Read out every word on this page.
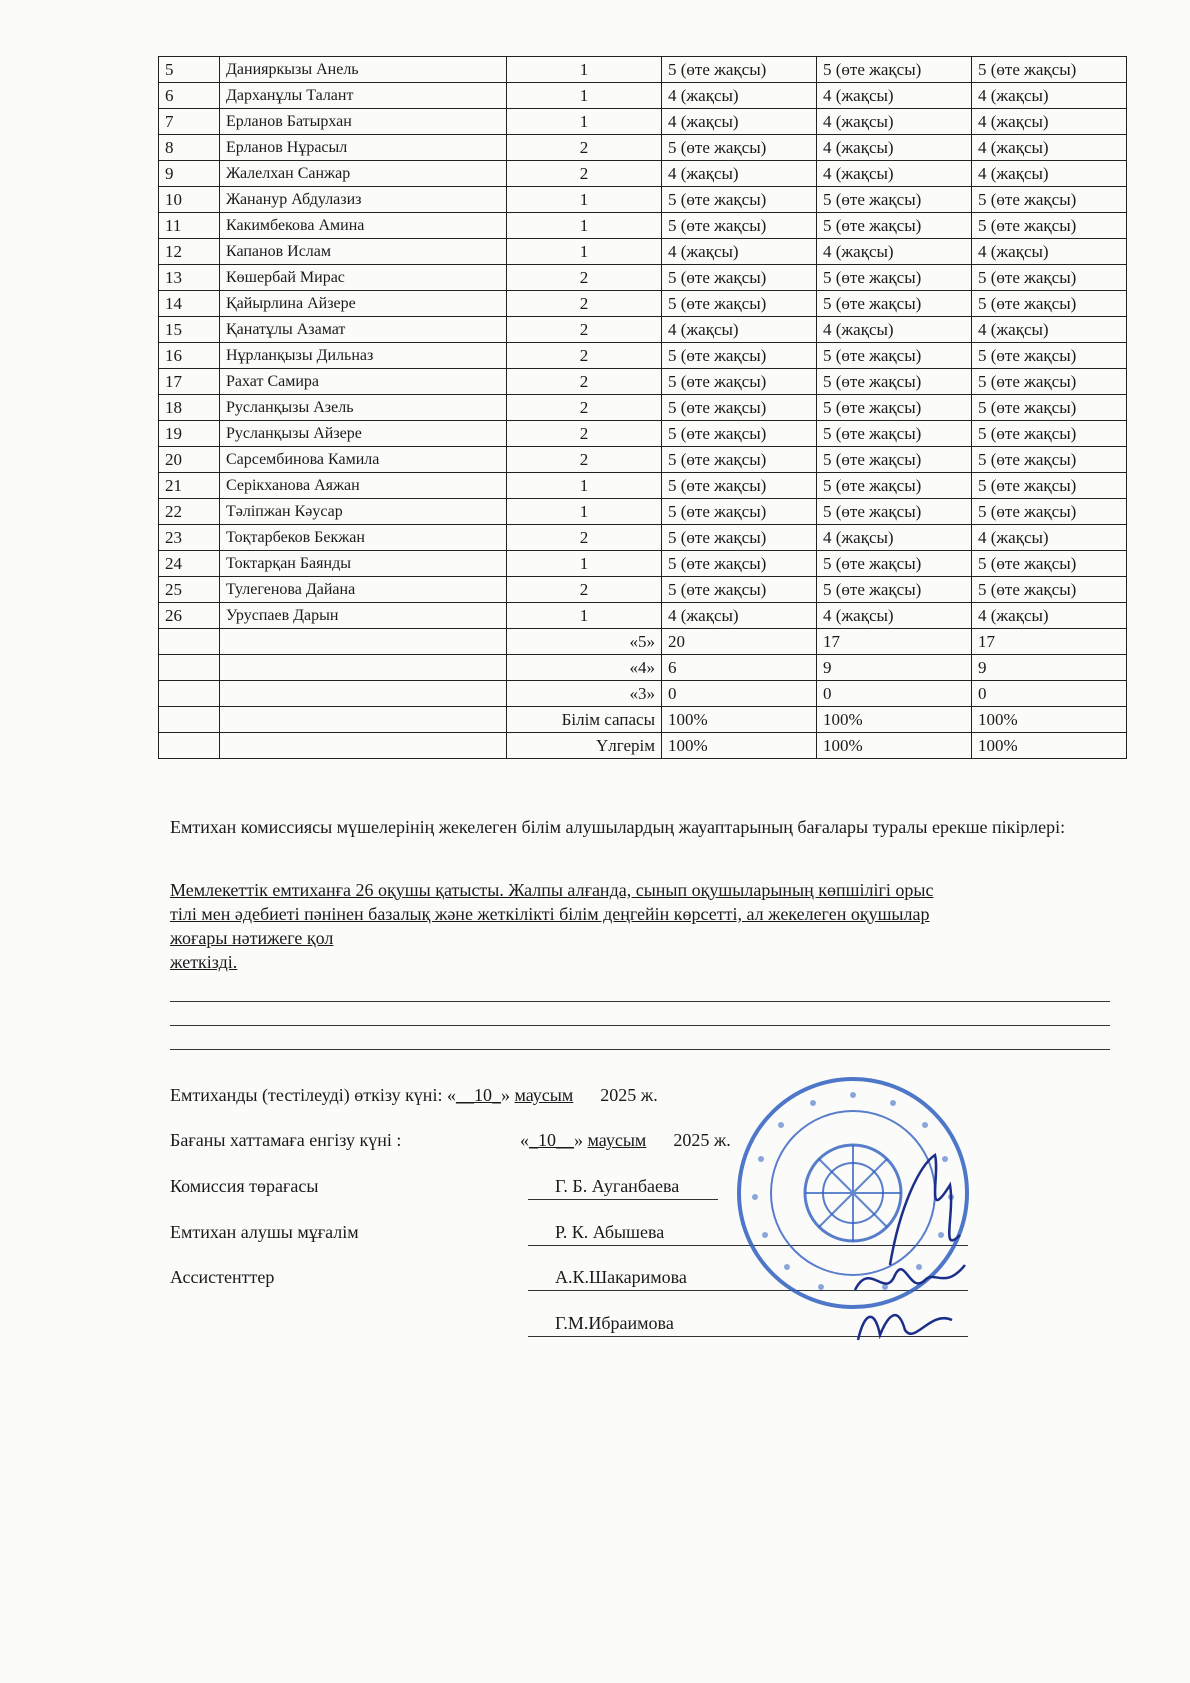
5	Данияркызы Анель	1	5 (өте жақсы)	5 (өте жақсы)	5 (өте жақсы)
6	Дарханұлы Талант	1	4 (жақсы)	4 (жақсы)	4 (жақсы)
7	Ерланов Батырхан	1	4 (жақсы)	4 (жақсы)	4 (жақсы)
8	Ерланов Нұрасыл	2	5 (өте жақсы)	4 (жақсы)	4 (жақсы)
9	Жалелхан Санжар	2	4 (жақсы)	4 (жақсы)	4 (жақсы)
10	Жанануp Абдулазиз	1	5 (өте жақсы)	5 (өте жақсы)	5 (өте жақсы)
11	Какимбекова Амина	1	5 (өте жақсы)	5 (өте жақсы)	5 (өте жақсы)
12	Капанов Ислам	1	4 (жақсы)	4 (жақсы)	4 (жақсы)
13	Көшербай Мирас	2	5 (өте жақсы)	5 (өте жақсы)	5 (өте жақсы)
14	Қайырлина Айзере	2	5 (өте жақсы)	5 (өте жақсы)	5 (өте жақсы)
15	Қанатұлы Азамат	2	4 (жақсы)	4 (жақсы)	4 (жақсы)
16	Нұрланқызы Дильназ	2	5 (өте жақсы)	5 (өте жақсы)	5 (өте жақсы)
17	Рахат Самира	2	5 (өте жақсы)	5 (өте жақсы)	5 (өте жақсы)
18	Русланқызы Азель	2	5 (өте жақсы)	5 (өте жақсы)	5 (өте жақсы)
19	Русланқызы Айзере	2	5 (өте жақсы)	5 (өте жақсы)	5 (өте жақсы)
20	Сарсембинова Камила	2	5 (өте жақсы)	5 (өте жақсы)	5 (өте жақсы)
21	Серікханова Аяжан	1	5 (өте жақсы)	5 (өте жақсы)	5 (өте жақсы)
22	Тәліпжан Кәусар	1	5 (өте жақсы)	5 (өте жақсы)	5 (өте жақсы)
23	Тоқтарбеков Бекжан	2	5 (өте жақсы)	4 (жақсы)	4 (жақсы)
24	Токтарқан Баянды	1	5 (өте жақсы)	5 (өте жақсы)	5 (өте жақсы)
25	Тулегенова Дайана	2	5 (өте жақсы)	5 (өте жақсы)	5 (өте жақсы)
26	Уруспаев Дарын	1	4 (жақсы)	4 (жақсы)	4 (жақсы)
		«5»	20	17	17
		«4»	6	9	9
		«3»	0	0	0
		Білім сапасы	100%	100%	100%
		Үлгерім	100%	100%	100%
Емтихан комиссиясы мүшелерінің жекелеген білім алушылардың жауаптарының бағалары туралы ерекше пікірлері:
Мемлекеттік емтиханға 26 оқушы қатысты. Жалпы алғанда, сынып оқушыларының көпшілігі орыс
тілі мен әдебиеті пәнінен базалық және жеткілікті білім деңгейін көрсетті, ал жекелеген оқушылар
жоғары нәтижеге қол
жеткізді.
Емтиханды (тестілеуді) өткізу күні: «__10_» маусым 2025 ж.
Бағаны хаттамаға енгізу күні :	«_10__» маусым 2025 ж.
Комиссия төрағасы	Г. Б. Ауганбаева
Емтихан алушы мұғалім	Р. К. Абышева
Ассистенттер	А.К.Шакаримова
Г.М.Ибраимова
